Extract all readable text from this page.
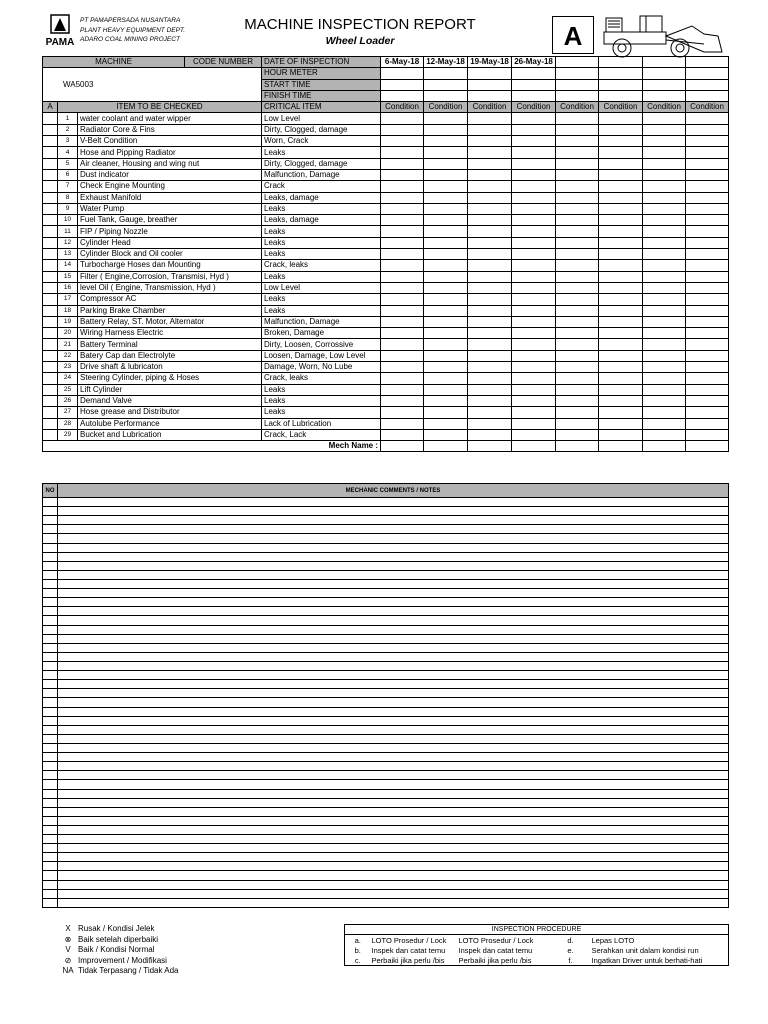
PAMA
PT PAMAPERSADA NUSANTARA
PLANT HEAVY EQUIPMENT DEPT.
ADARO COAL MINING PROJECT
MACHINE INSPECTION REPORT
Wheel Loader	A
MACHINE			CODE NUMBER	DATE OF INSPECTION	6-May-18	12-May-18	19-May-18	26-May-18				
WA5003				HOUR METER								
				START TIME								
				FINISH TIME								
A	ITEM TO BE CHECKED			CRITICAL ITEM	Condition	Condition	Condition	Condition	Condition	Condition	Condition	Condition
	1	water coolant and water wipper		Low Level								
	2	Radiator Core & Fins		Dirty, Clogged, damage								
	3	V-Belt Condition		Worn, Crack								
	4	Hose and Pipping Radiator		Leaks								
	5	Air cleaner, Housing and wing nut		Dirty, Clogged, damage								
	6	Dust indicator		Malfunction, Damage								
	7	Check Engine Mounting		Crack								
	8	Exhaust Manifold		Leaks, damage								
	9	Water Pump		Leaks								
	10	Fuel Tank, Gauge, breather		Leaks, damage								
	11	FIP / Piping Nozzle		Leaks								
	12	Cylinder Head		Leaks								
	13	Cylinder Block and Oil cooler		Leaks								
	14	Turbocharge Hoses dan Mounting		Crack, leaks								
	15	Filter ( Engine,Corrosion, Transmisi, Hyd )		Leaks								
	16	level Oil ( Engine, Transmission, Hyd )		Low Level								
	17	Compressor AC		Leaks								
	18	Parking Brake Chamber		Leaks								
	19	Battery Relay, ST. Motor, Alternator		Malfunction, Damage								
	20	Wiring Harness Electric		Broken, Damage								
	21	Battery Terminal		Dirty, Loosen, Corrossive								
	22	Batery Cap dan Electrolyte		Loosen, Damage, Low Level								
	23	Drive shaft & lubricaton		Damage, Worn, No Lube								
	24	Steering Cylinder, piping & Hoses		Crack, leaks								
	25	Lift Cylinder		Leaks								
	26	Demand Valve		Leaks								
	27	Hose grease and Distributor		Leaks								
	28	Autolube Performance		Lack of Lubrication								
	29	Bucket and Lubrication		Crack, Lack								
Mech Name :												
NO	MECHANIC COMMENTS / NOTES

X Rusak / Kondisi Jelek
⊗ Baik setelah diperbaiki
V Baik / Kondisi Normal
⊘ Improvement / Modifikasi
NA Tidak Terpasang / Tidak Ada
INSPECTION PROCEDURE				
a.	LOTO Prosedur / Lock	LOTO Prosedur / Lock	d.	Lepas LOTO
b.	Inspek dan catat temu	Inspek dan catat temu	e.	Serahkan unit dalam kondisi run
c.	Perbaiki jika perlu /bis	Perbaiki jika perlu /bis	f.	Ingatkan Driver untuk berhati-hati
